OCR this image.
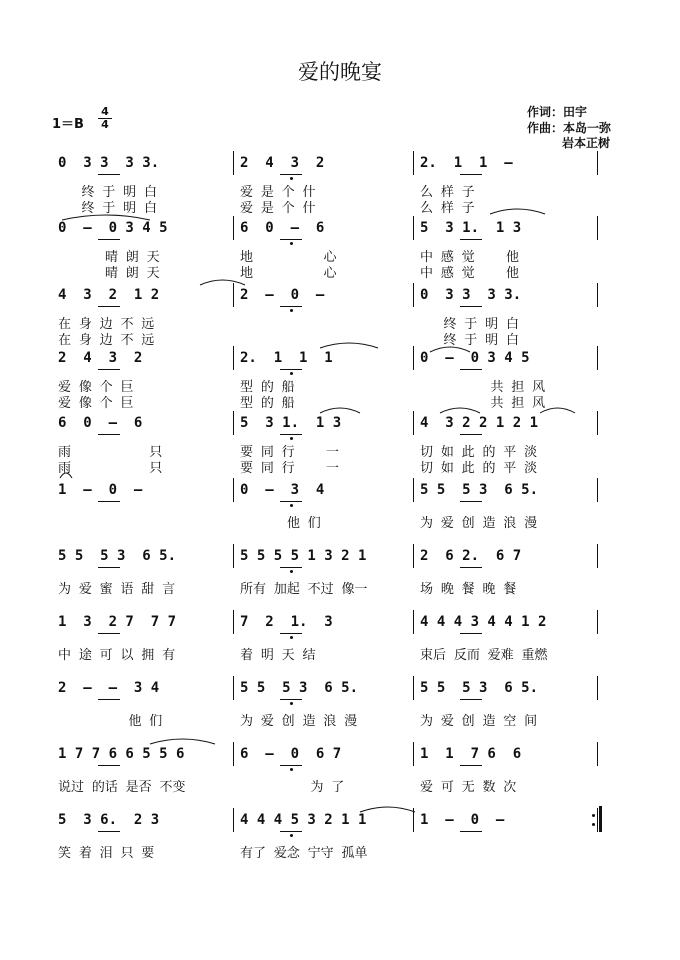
爱的晚宴
1＝B
4
4
作词：田宇
作曲：本岛一弥
岩本正树
0  3 3  3 3.
终 于 明 白
终 于 明 白
2  4  3  2
爱 是 个 什
爱 是 个 什
2.  1  1  –
么 样 子
么 样 子
0  –  0 3 4 5
晴 朗 天
晴 朗 天
6  0  –  6
地         心
地         心
5  3 1.  1 3
中 感 觉    他
中 感 觉    他
4  3  2  1 2
在 身 边 不 远
在 身 边 不 远
2  –  0  –	0  3 3  3 3.
终 于 明 白
终 于 明 白
2  4  3  2
爱 像 个 巨
爱 像 个 巨
2.  1  1  1
型 的 船
型 的 船
0  –  0 3 4 5
共 担 风
共 担 风
6  0  –  6
雨          只
雨          只
5  3 1.  1 3
要 同 行    一
要 同 行    一
4  3 2 2 1 2 1
切 如 此 的 平 淡
切 如 此 的 平 淡
1  –  0  –	0  –  3  4
他 们
5 5  5 3  6 5.
为 爱 创 造 浪 漫
5 5  5 3  6 5.
为 爱 蜜 语 甜 言
5 5 5 5 1 3 2 1
所有 加起 不过 像一
2  6 2.  6 7
场 晚 餐 晚 餐
1  3  2 7  7 7
中 途 可 以 拥 有
7  2  1.  3
着 明 天 结
4 4 4 3 4 4 1 2
束后 反而 爱难 重燃
2  –  –  3 4
他 们
5 5  5 3  6 5.
为 爱 创 造 浪 漫
5 5  5 3  6 5.
为 爱 创 造 空 间
1 7 7 6 6 5 5 6
说过 的话 是否 不变
6  –  0  6 7
为 了
1  1  7 6  6
爱 可 无 数 次
5  3 6.  2 3
笑 着 泪 只 要
4 4 4 5 3 2 1 1
有了 爱念 宁守 孤单
1  –  0  –
